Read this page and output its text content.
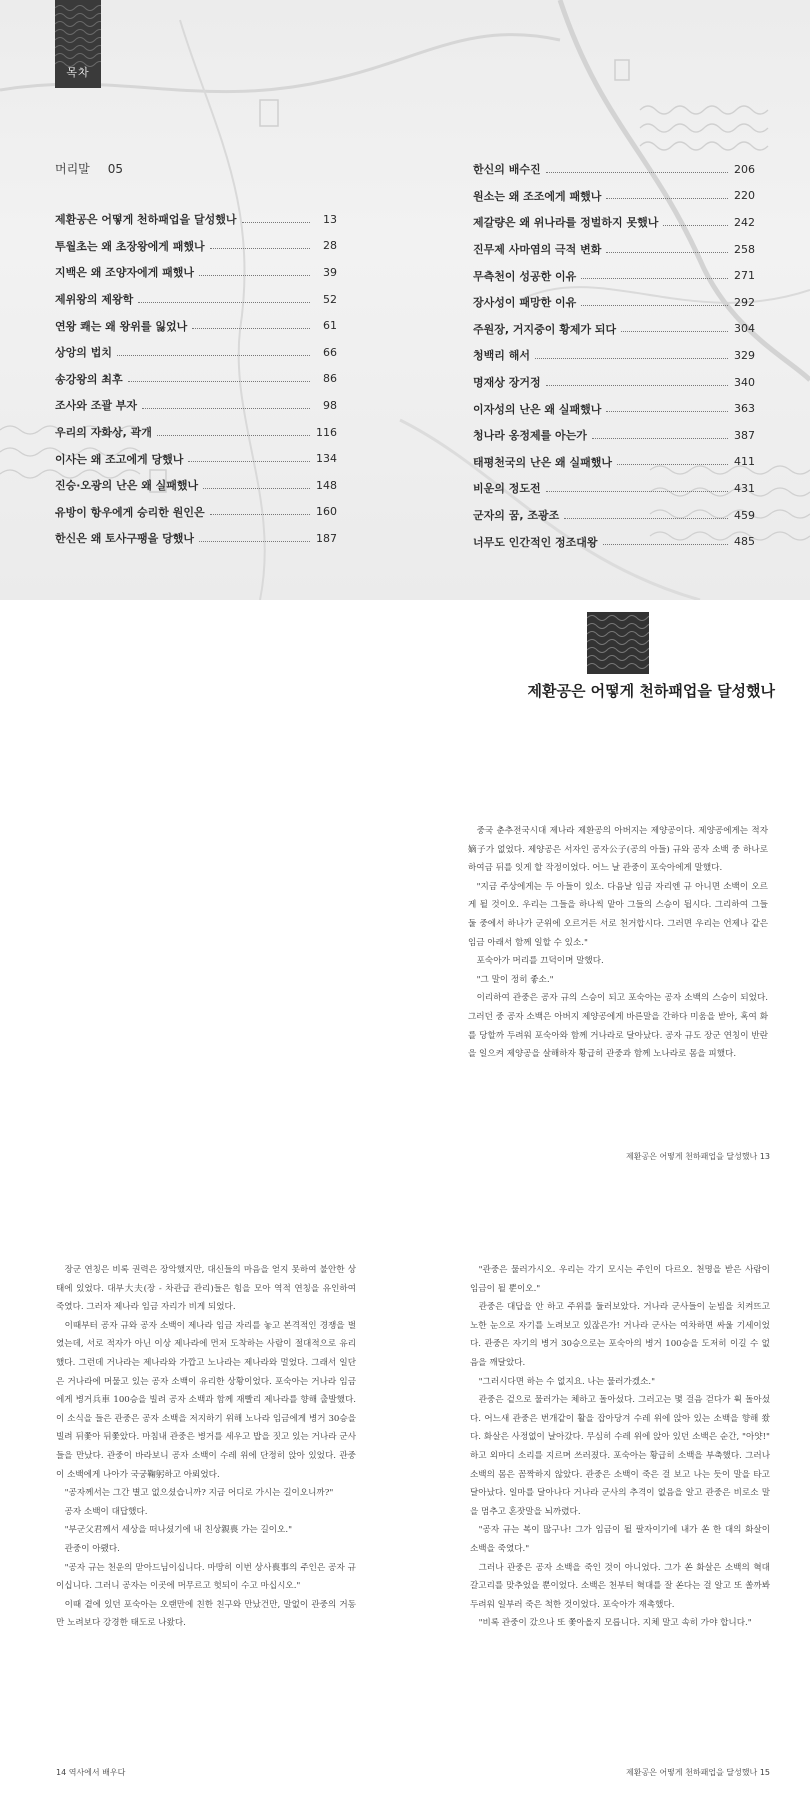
목차
머리말 05
제환공은 어떻게 천하패업을 달성했나	13
투월초는 왜 초장왕에게 패했나	28
지백은 왜 조양자에게 패했나	39
제위왕의 제왕학	52
연왕 쾌는 왜 왕위를 잃었나	61
상앙의 법치	66
송강왕의 최후	86
조사와 조괄 부자	98
우리의 자화상, 곽개	116
이사는 왜 조고에게 당했나	134
진승·오광의 난은 왜 실패했나	148
유방이 항우에게 승리한 원인은	160
한신은 왜 토사구팽을 당했나	187
한신의 배수진	206
원소는 왜 조조에게 패했나	220
제갈량은 왜 위나라를 정벌하지 못했나	242
진무제 사마염의 극적 변화	258
무측천이 성공한 이유	271
장사성이 패망한 이유	292
주원장, 거지중이 황제가 되다	304
청백리 해서	329
명재상 장거정	340
이자성의 난은 왜 실패했나	363
청나라 옹정제를 아는가	387
태평천국의 난은 왜 실패했나	411
비운의 정도전	431
군자의 꿈, 조광조	459
너무도 인간적인 정조대왕	485
제환공은 어떻게 천하패업을 달성했나

중국 춘추전국시대 제나라 제환공의 아버지는 제양공이다. 제양공에게는 적자嫡子가 없었다. 제양공은 서자인 공자公子(공의 아들) 규와 공자 소백 중 하나로 하여금 뒤를 잇게 할 작정이었다. 어느 날 관중이 포숙아에게 말했다.

"지금 주상에게는 두 아들이 있소. 다음날 임금 자리엔 규 아니면 소백이 오르게 될 것이오. 우리는 그들을 하나씩 맡아 그들의 스승이 됩시다. 그리하여 그들 둘 중에서 하나가 군위에 오르거든 서로 천거합시다. 그러면 우리는 언제나 같은 임금 아래서 함께 일할 수 있소."

포숙아가 머리를 끄덕이며 말했다.

"그 말이 정히 좋소."

이리하여 관중은 공자 규의 스승이 되고 포숙아는 공자 소백의 스승이 되었다. 그러던 중 공자 소백은 아버지 제양공에게 바른말을 간하다 미움을 받아, 혹여 화를 당할까 두려워 포숙아와 함께 거나라로 달아났다. 공자 규도 장군 연칭이 반란을 일으켜 제양공을 살해하자 황급히 관중과 함께 노나라로 몸을 피했다.

제환공은 어떻게 천하패업을 달성했나 13

장군 연칭은 비록 권력은 장악했지만, 대신들의 마음을 얻지 못하여 불안한 상태에 있었다. 대부大夫(장 - 차관급 관리)들은 힘을 모아 역적 연칭을 유인하여 죽였다. 그러자 제나라 임금 자리가 비게 되었다.

이때부터 공자 규와 공자 소백이 제나라 임금 자리를 놓고 본격적인 경쟁을 벌였는데, 서로 적자가 아닌 이상 제나라에 먼저 도착하는 사람이 절대적으로 유리했다. 그런데 거나라는 제나라와 가깝고 노나라는 제나라와 멀었다. 그래서 일단은 거나라에 머물고 있는 공자 소백이 유리한 상황이었다. 포숙아는 거나라 임금에게 병거兵車 100승을 빌려 공자 소백과 함께 재빨리 제나라를 향해 출발했다. 이 소식을 들은 관중은 공자 소백을 저지하기 위해 노나라 임금에게 병거 30승을 빌려 뒤쫓아 뒤쫓았다. 마침내 관중은 병거를 세우고 밥을 짓고 있는 거나라 군사들을 만났다. 관중이 바라보니 공자 소백이 수레 위에 단정히 앉아 있었다. 관중이 소백에게 나아가 국궁鞠躬하고 아뢰었다.

"공자께서는 그간 별고 없으셨습니까? 지금 어디로 가시는 길이오니까?"

공자 소백이 대답했다.

"부군父君께서 세상을 떠나셨기에 내 친상親喪 가는 길이오."

관중이 아뢨다.

"공자 규는 천운의 맏아드님이십니다. 마땅히 이번 상사喪事의 주인은 공자 규이십니다. 그러니 공자는 이곳에 머무르고 헛되이 수고 마십시오."

이때 곁에 있던 포숙아는 오랜만에 친한 친구와 만났건만, 말없이 관중의 거동만 노려보다 강경한 태도로 나왔다.

"관중은 물러가시오. 우리는 각기 모시는 주인이 다르오. 천명을 받은 사람이 임금이 될 뿐이오."

관중은 대답을 안 하고 주위를 둘러보았다. 거나라 군사들이 눈빔을 치켜뜨고 노한 눈으로 자기를 노려보고 있잖은가! 거나라 군사는 여차하면 싸울 기세이었다. 관중은 자기의 병거 30승으로는 포숙아의 병거 100승을 도저히 이길 수 없음을 깨달았다.

"그러시다면 하는 수 없지요. 나는 물러가겠소."

관중은 겉으로 물러가는 체하고 돌아섰다. 그러고는 몇 걸음 걷다가 휙 돌아섰다. 어느새 관중은 번개같이 활을 잡아당겨 수레 위에 앉아 있는 소백을 향해 쐈다. 화살은 사정없이 날아갔다. 무심히 수레 위에 앉아 있던 소백은 순간, "아얏!" 하고 외마디 소리를 지르며 쓰러졌다. 포숙아는 황급히 소백을 부축했다. 그러나 소백의 몸은 꼼짝하지 않았다. 관중은 소백이 죽은 걸 보고 나는 듯이 말을 타고 달아났다. 일마를 달아나다 거나라 군사의 추격이 없음을 알고 관중은 비로소 말을 멈추고 혼잣말을 뇌까렸다.

"공자 규는 복이 많구나! 그가 임금이 될 팔자이기에 내가 쏜 한 대의 화살이 소백을 죽였다."

그러나 관중은 공자 소백을 죽인 것이 아니었다. 그가 쏜 화살은 소백의 혁대 갈고리를 맞추었을 뿐이었다. 소백은 천부터 혁대를 잘 쏜다는 걸 알고 또 쏠까봐 두려워 일부러 죽은 척한 것이었다. 포숙아가 재촉했다.

"비록 관중이 갔으나 또 쫓아올지 모릅니다. 지체 말고 속히 가야 합니다."

14 역사에서 배우다	제환공은 어떻게 천하패업을 달성했나 15
